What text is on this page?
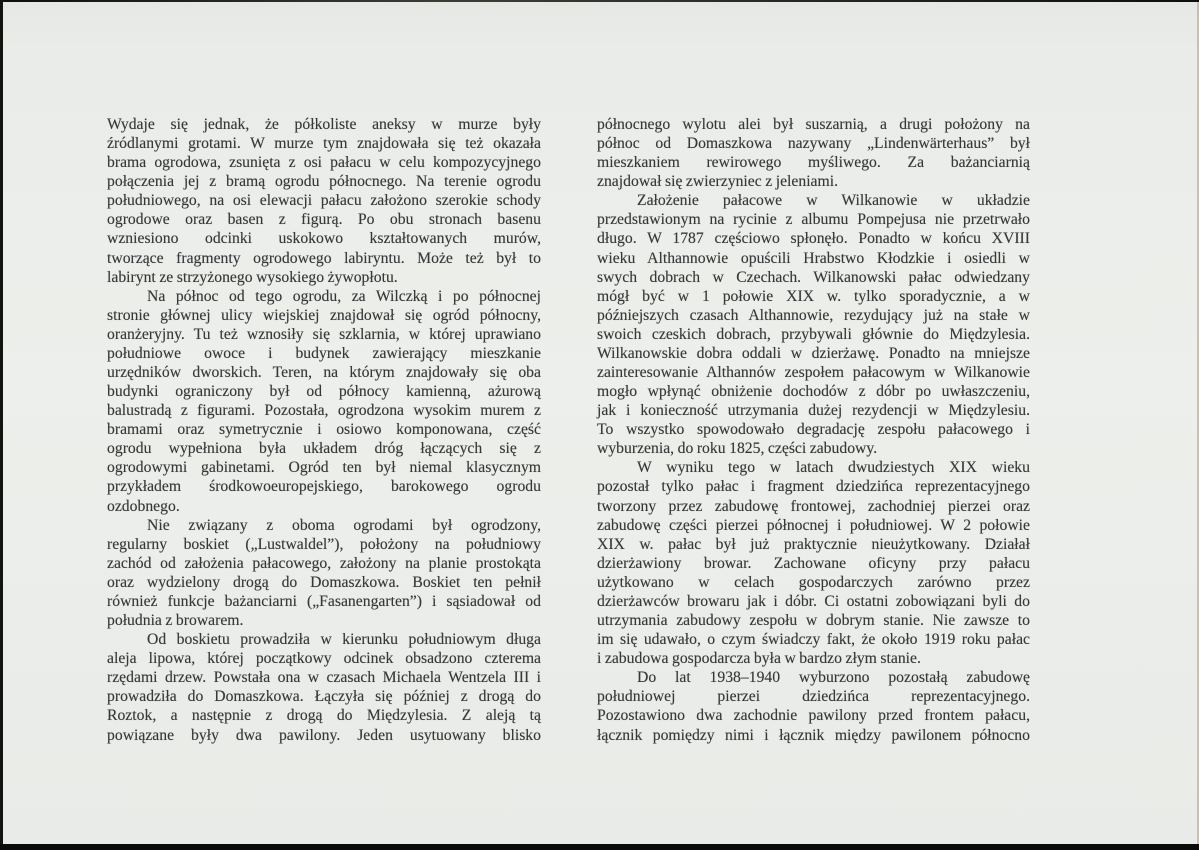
Wydaje się jednak, że półkoliste aneksy w murze były
źródlanymi grotami. W murze tym znajdowała się też okazała
brama ogrodowa, zsunięta z osi pałacu w celu kompozycyjnego
połączenia jej z bramą ogrodu północnego. Na terenie ogrodu
południowego, na osi elewacji pałacu założono szerokie schody
ogrodowe oraz basen z figurą. Po obu stronach basenu
wzniesiono odcinki uskokowo kształtowanych murów,
tworzące fragmenty ogrodowego labiryntu. Może też był to
labirynt ze strzyżonego wysokiego żywopłotu.
Na północ od tego ogrodu, za Wilczką i po północnej
stronie głównej ulicy wiejskiej znajdował się ogród północny,
oranżeryjny. Tu też wznosiły się szklarnia, w której uprawiano
południowe owoce i budynek zawierający mieszkanie
urzędników dworskich. Teren, na którym znajdowały się oba
budynki ograniczony był od północy kamienną, ażurową
balustradą z figurami. Pozostała, ogrodzona wysokim murem z
bramami oraz symetrycznie i osiowo komponowana, część
ogrodu wypełniona była układem dróg łączących się z
ogrodowymi gabinetami. Ogród ten był niemal klasycznym
przykładem środkowoeuropejskiego, barokowego ogrodu
ozdobnego.
Nie związany z oboma ogrodami był ogrodzony,
regularny boskiet („Lustwaldel”), położony na południowy
zachód od założenia pałacowego, założony na planie prostokąta
oraz wydzielony drogą do Domaszkowa. Boskiet ten pełnił
również funkcje bażanciarni („Fasanengarten”) i sąsiadował od
południa z browarem.
Od boskietu prowadziła w kierunku południowym długa
aleja lipowa, której początkowy odcinek obsadzono czterema
rzędami drzew. Powstała ona w czasach Michaela Wentzela III i
prowadziła do Domaszkowa. Łączyła się później z drogą do
Roztok, a następnie z drogą do Międzylesia. Z aleją tą
powiązane były dwa pawilony. Jeden usytuowany blisko
północnego wylotu alei był suszarnią, a drugi położony na
północ od Domaszkowa nazywany „Lindenwärterhaus” był
mieszkaniem rewirowego myśliwego. Za bażanciarnią
znajdował się zwierzyniec z jeleniami.
Założenie pałacowe w Wilkanowie w układzie
przedstawionym na rycinie z albumu Pompejusa nie przetrwało
długo. W 1787 częściowo spłonęło. Ponadto w końcu XVIII
wieku Althannowie opuścili Hrabstwo Kłodzkie i osiedli w
swych dobrach w Czechach. Wilkanowski pałac odwiedzany
mógł być w 1 połowie XIX w. tylko sporadycznie, a w
późniejszych czasach Althannowie, rezydujący już na stałe w
swoich czeskich dobrach, przybywali głównie do Międzylesia.
Wilkanowskie dobra oddali w dzierżawę. Ponadto na mniejsze
zainteresowanie Althannów zespołem pałacowym w Wilkanowie
mogło wpłynąć obniżenie dochodów z dóbr po uwłaszczeniu,
jak i konieczność utrzymania dużej rezydencji w Międzylesiu.
To wszystko spowodowało degradację zespołu pałacowego i
wyburzenia, do roku 1825, części zabudowy.
W wyniku tego w latach dwudziestych XIX wieku
pozostał tylko pałac i fragment dziedzińca reprezentacyjnego
tworzony przez zabudowę frontowej, zachodniej pierzei oraz
zabudowę części pierzei północnej i południowej. W 2 połowie
XIX w. pałac był już praktycznie nieużytkowany. Działał
dzierżawiony browar. Zachowane oficyny przy pałacu
użytkowano w celach gospodarczych zarówno przez
dzierżawców browaru jak i dóbr. Ci ostatni zobowiązani byli do
utrzymania zabudowy zespołu w dobrym stanie. Nie zawsze to
im się udawało, o czym świadczy fakt, że około 1919 roku pałac
i zabudowa gospodarcza była w bardzo złym stanie.
Do lat 1938–1940 wyburzono pozostałą zabudowę
południowej pierzei dziedzińca reprezentacyjnego.
Pozostawiono dwa zachodnie pawilony przed frontem pałacu,
łącznik pomiędzy nimi i łącznik między pawilonem północno
